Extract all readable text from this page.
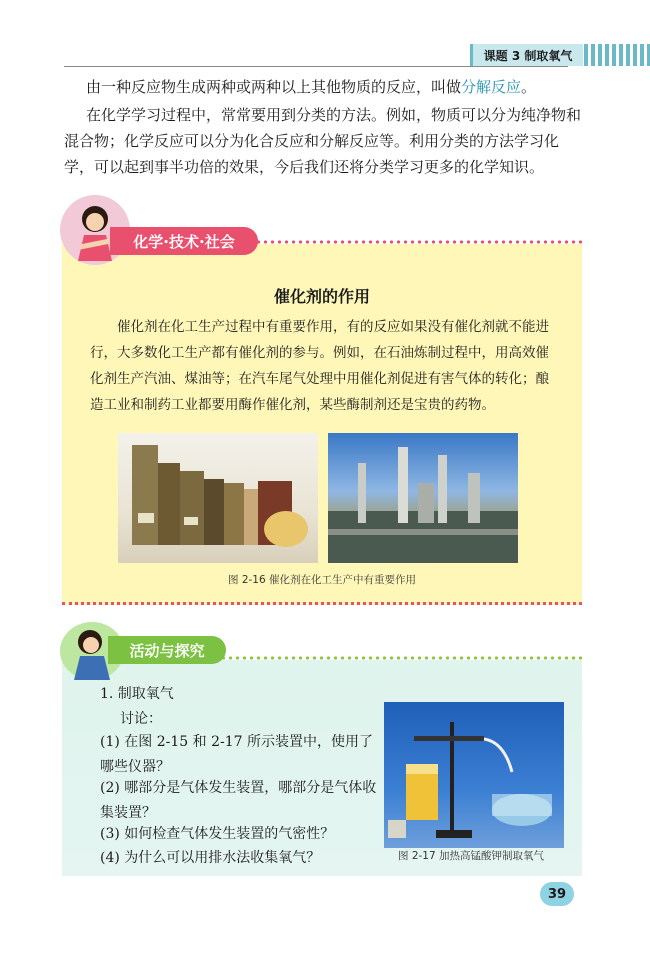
课题 3 制取氧气

由一种反应物生成两种或两种以上其他物质的反应，叫做分解反应。

在化学学习过程中，常常要用到分类的方法。例如，物质可以分为纯净物和混合物；化学反应可以分为化合反应和分解反应等。利用分类的方法学习化学，可以起到事半功倍的效果，今后我们还将分类学习更多的化学知识。

化学·技术·社会
催化剂的作用

催化剂在化工生产过程中有重要作用，有的反应如果没有催化剂就不能进行，大多数化工生产都有催化剂的参与。例如，在石油炼制过程中，用高效催化剂生产汽油、煤油等；在汽车尾气处理中用催化剂促进有害气体的转化；酿造工业和制药工业都要用酶作催化剂，某些酶制剂还是宝贵的药物。

图 2-16 催化剂在化工生产中有重要作用
活动与探究

1. 制取氧气

讨论：

(1) 在图 2-15 和 2-17 所示装置中，使用了哪些仪器？

(2) 哪部分是气体发生装置，哪部分是气体收集装置？

(3) 如何检查气体发生装置的气密性？

(4) 为什么可以用排水法收集氧气？	图 2-17 加热高锰酸钾制取氧气
39
